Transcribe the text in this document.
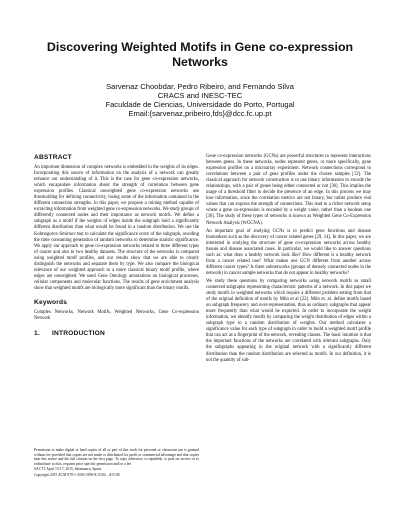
Discovering Weighted Motifs in Gene co-expression
Networks
Sarvenaz Choobdar, Pedro Ribeiro, and Fernando Silva
CRACS and INESC-TEC
Faculdade de Ciencias, Universidade do Porto, Portugal
Email:{sarvenaz,pribeiro,fds}@dcc.fc.up.pt
ABSTRACT

An important dimension of complex networks is embedded in the weights of its edges. Incorporating this source of information on the analysis of a network can greatly enhance our understanding of it. This is the case for gene co-expression networks, which encapsulate information about the strength of correlation between gene expression profiles. Classical unweighted gene co-expression networks use thresholding for defining connectivity, losing some of the information contained in the different connection strengths. In this paper, we propose a mining method capable of extracting information from weighted gene co-expression networks. We study groups of differently connected nodes and their importance as network motifs. We define a subgraph as a motif if the weights of edges inside the subgraph hold a significantly different distribution than what would be found in a random distribution. We use the Kolmogorov-Smirnov test to calculate the significance score of the subgraph, avoiding the time consuming generation of random networks to determine statistic significance. We apply our approach to gene co-expression networks related to three different types of cancer and also to two healthy datasets. The structure of the networks is compared using weighted motif profiles, and our results show that we are able to clearly distinguish the networks and separate them by type. We also compare the biological relevance of our weighted approach to a more classical binary motif profile, where edges are unweighted. We used Gene Ontology annotations on biological processes, cellular components and molecular functions. The results of gene enrichment analysis show that weighted motifs are biologically more significant than the binary motifs.

Keywords

Complex Networks, Network Motifs, Weighted Networks, Gene Co-expression Network

1. INTRODUCTION

Permission to make digital or hard copies of all or part of this work for personal or classroom use is granted without fee provided that copies are not made or distributed for profit or commercial advantage and that copies bear this notice and the full citation on the first page. To copy otherwise, to republish, to post on servers or to redistribute to lists, requires prior specific permission and/or a fee.

SAC'15 April 13-17, 2015, Salamanca, Spain.

Copyright 2015 ACM 978-1-4503-3196-8/15/04 ...$15.00.

Gene co-expression networks (GCNs) are powerful structures to represent interactions between genes. In these networks, nodes represent genes, or more specifically, gene expression profiles on a microarray experiment. Network connections correspond to correlations between a pair of gene profiles under the chosen samples [12]. The classical approach for network construction is to use binary information to encode the relationships, with a pair of genes being either connected or not [30]. This implies the usage of a threshold filter to decide the presence of an edge. In this process we may lose information, since the correlation metrics are not binary, but rather produce real values that can express the strength of connections. This lead to a richer network setup where a gene co-expression is encoded by a weight value, rather than a boolean one [30]. The study of these types of networks is known as Weighted Gene Co-Expression Network Analysis (WGCNA).

An important goal of studying GCNs is to predict gene functions and disease biomarkers such as the discovery of cancer related genes [29, 14]. In this paper, we are interested in studying the structure of gene co-expression networks across healthy tissues and disease associated cases. In particular, we would like to answer questions such as: what does a healthy network look like? How different is a healthy network from a cancer related one? What makes one GCN different from another across different cancer types? Is there subnetworks (groups of densely connected nodes in the network) in cancer sample networks that do not appear in healthy networks?

We study these questions by comparing networks using network motifs as small connected subgraphs representing characteristic patterns of a network. In this paper we study motifs in weighted networks which require a different problem setting from that of the original definition of motifs by Milo et al [22]. Milo et. al. define motifs based on subgraph frequency and over-representation, thus as ordinary subgraphs that appear more frequently than what would be expected. In order to incorporate the weight information, we identify motifs by comparing the weight distribution of edges within a subgraph type to a random distribution of weights. Our method calculates a significance value for each type of subgraph in order to build a weighted motif profile that can act as a fingerprint of the network, revealing classes. The basic intuition is that the important functions of the networks are correlated with relevant subgraphs. Only the subgraphs appearing in the original network with a significantly different distribution than the random distribution are selected as motifs. In our definition, it is not the quantity of sub-
